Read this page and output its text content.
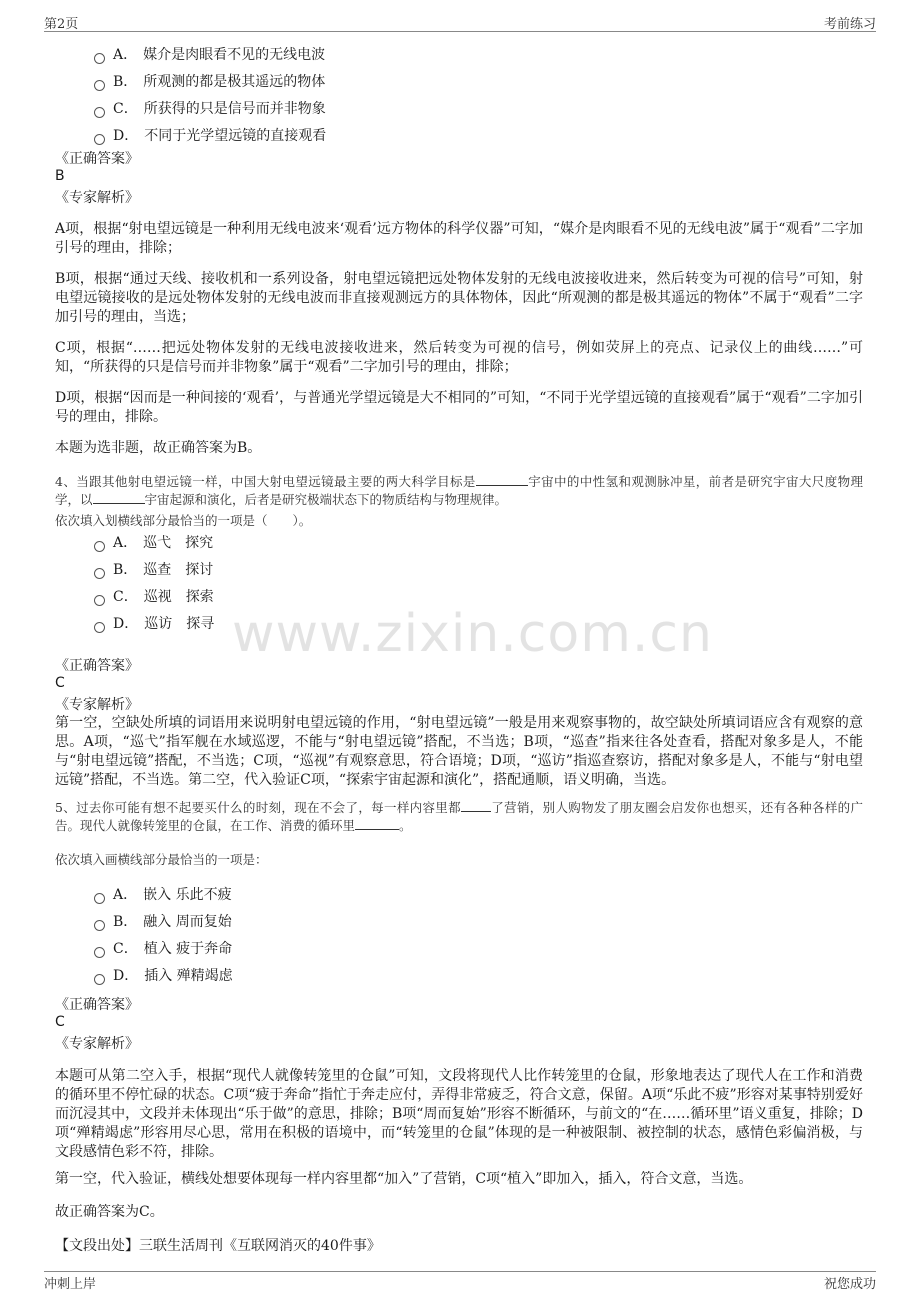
第2页	考前练习
www.zixin.com.cn
A． 媒介是肉眼看不见的无线电波
B． 所观测的都是极其遥远的物体
C． 所获得的只是信号而并非物象
D． 不同于光学望远镜的直接观看
《正确答案》
B
《专家解析》

A项，根据“射电望远镜是一种利用无线电波来‘观看’远方物体的科学仪器”可知，“媒介是肉眼看不见的无线电波”属于“观看”二字加引号的理由，排除；

B项，根据“通过天线、接收机和一系列设备，射电望远镜把远处物体发射的无线电波接收进来，然后转变为可视的信号”可知，射电望远镜接收的是远处物体发射的无线电波而非直接观测远方的具体物体，因此“所观测的都是极其遥远的物体”不属于“观看”二字加引号的理由，当选；

C项，根据“……把远处物体发射的无线电波接收进来，然后转变为可视的信号，例如荧屏上的亮点、记录仪上的曲线……”可知，“所获得的只是信号而并非物象”属于“观看”二字加引号的理由，排除；

D项，根据“因而是一种间接的‘观看’，与普通光学望远镜是大不相同的”可知，“不同于光学望远镜的直接观看”属于“观看”二字加引号的理由，排除。

本题为选非题，故正确答案为B。

4、当跟其他射电望远镜一样，中国大射电望远镜最主要的两大科学目标是	宇宙中的中性氢和观测脉冲星，前者是研究宇宙大尺度物理学，以	宇宙起源和演化，后者是研究极端状态下的物质结构与物理规律。

依次填入划横线部分最恰当的一项是（　　）。
A． 巡弋　探究
B． 巡查　探讨
C． 巡视　探索
D． 巡访　探寻
《正确答案》
C
《专家解析》

第一空，空缺处所填的词语用来说明射电望远镜的作用，“射电望远镜”一般是用来观察事物的，故空缺处所填词语应含有观察的意思。A项，“巡弋”指军舰在水域巡逻，不能与“射电望远镜”搭配，不当选；B项，“巡查”指来往各处查看，搭配对象多是人，不能与“射电望远镜”搭配，不当选；C项，“巡视”有观察意思，符合语境；D项，“巡访”指巡查察访，搭配对象多是人，不能与“射电望远镜”搭配，不当选。第二空，代入验证C项，“探索宇宙起源和演化”，搭配通顺，语义明确，当选。

5、过去你可能有想不起要买什么的时刻，现在不会了，每一样内容里都 了营销，别人购物发了朋友圈会启发你也想买，还有各种各样的广告。现代人就像转笼里的仓鼠，在工作、消费的循环里	。

依次填入画横线部分最恰当的一项是：
A． 嵌入 乐此不疲
B． 融入 周而复始
C． 植入 疲于奔命
D． 插入 殚精竭虑
《正确答案》
C
《专家解析》

本题可从第二空入手，根据“现代人就像转笼里的仓鼠”可知，文段将现代人比作转笼里的仓鼠，形象地表达了现代人在工作和消费的循环里不停忙碌的状态。C项“疲于奔命”指忙于奔走应付，弄得非常疲乏，符合文意，保留。A项“乐此不疲”形容对某事特别爱好而沉浸其中，文段并未体现出“乐于做”的意思，排除；B项“周而复始”形容不断循环，与前文的“在……循环里”语义重复，排除；D项“殚精竭虑”形容用尽心思，常用在积极的语境中，而“转笼里的仓鼠”体现的是一种被限制、被控制的状态，感情色彩偏消极，与文段感情色彩不符，排除。

第一空，代入验证，横线处想要体现每一样内容里都“加入”了营销，C项“植入”即加入，插入，符合文意，当选。

故正确答案为C。

【文段出处】三联生活周刊《互联网消灭的40件事》
冲刺上岸	祝您成功
